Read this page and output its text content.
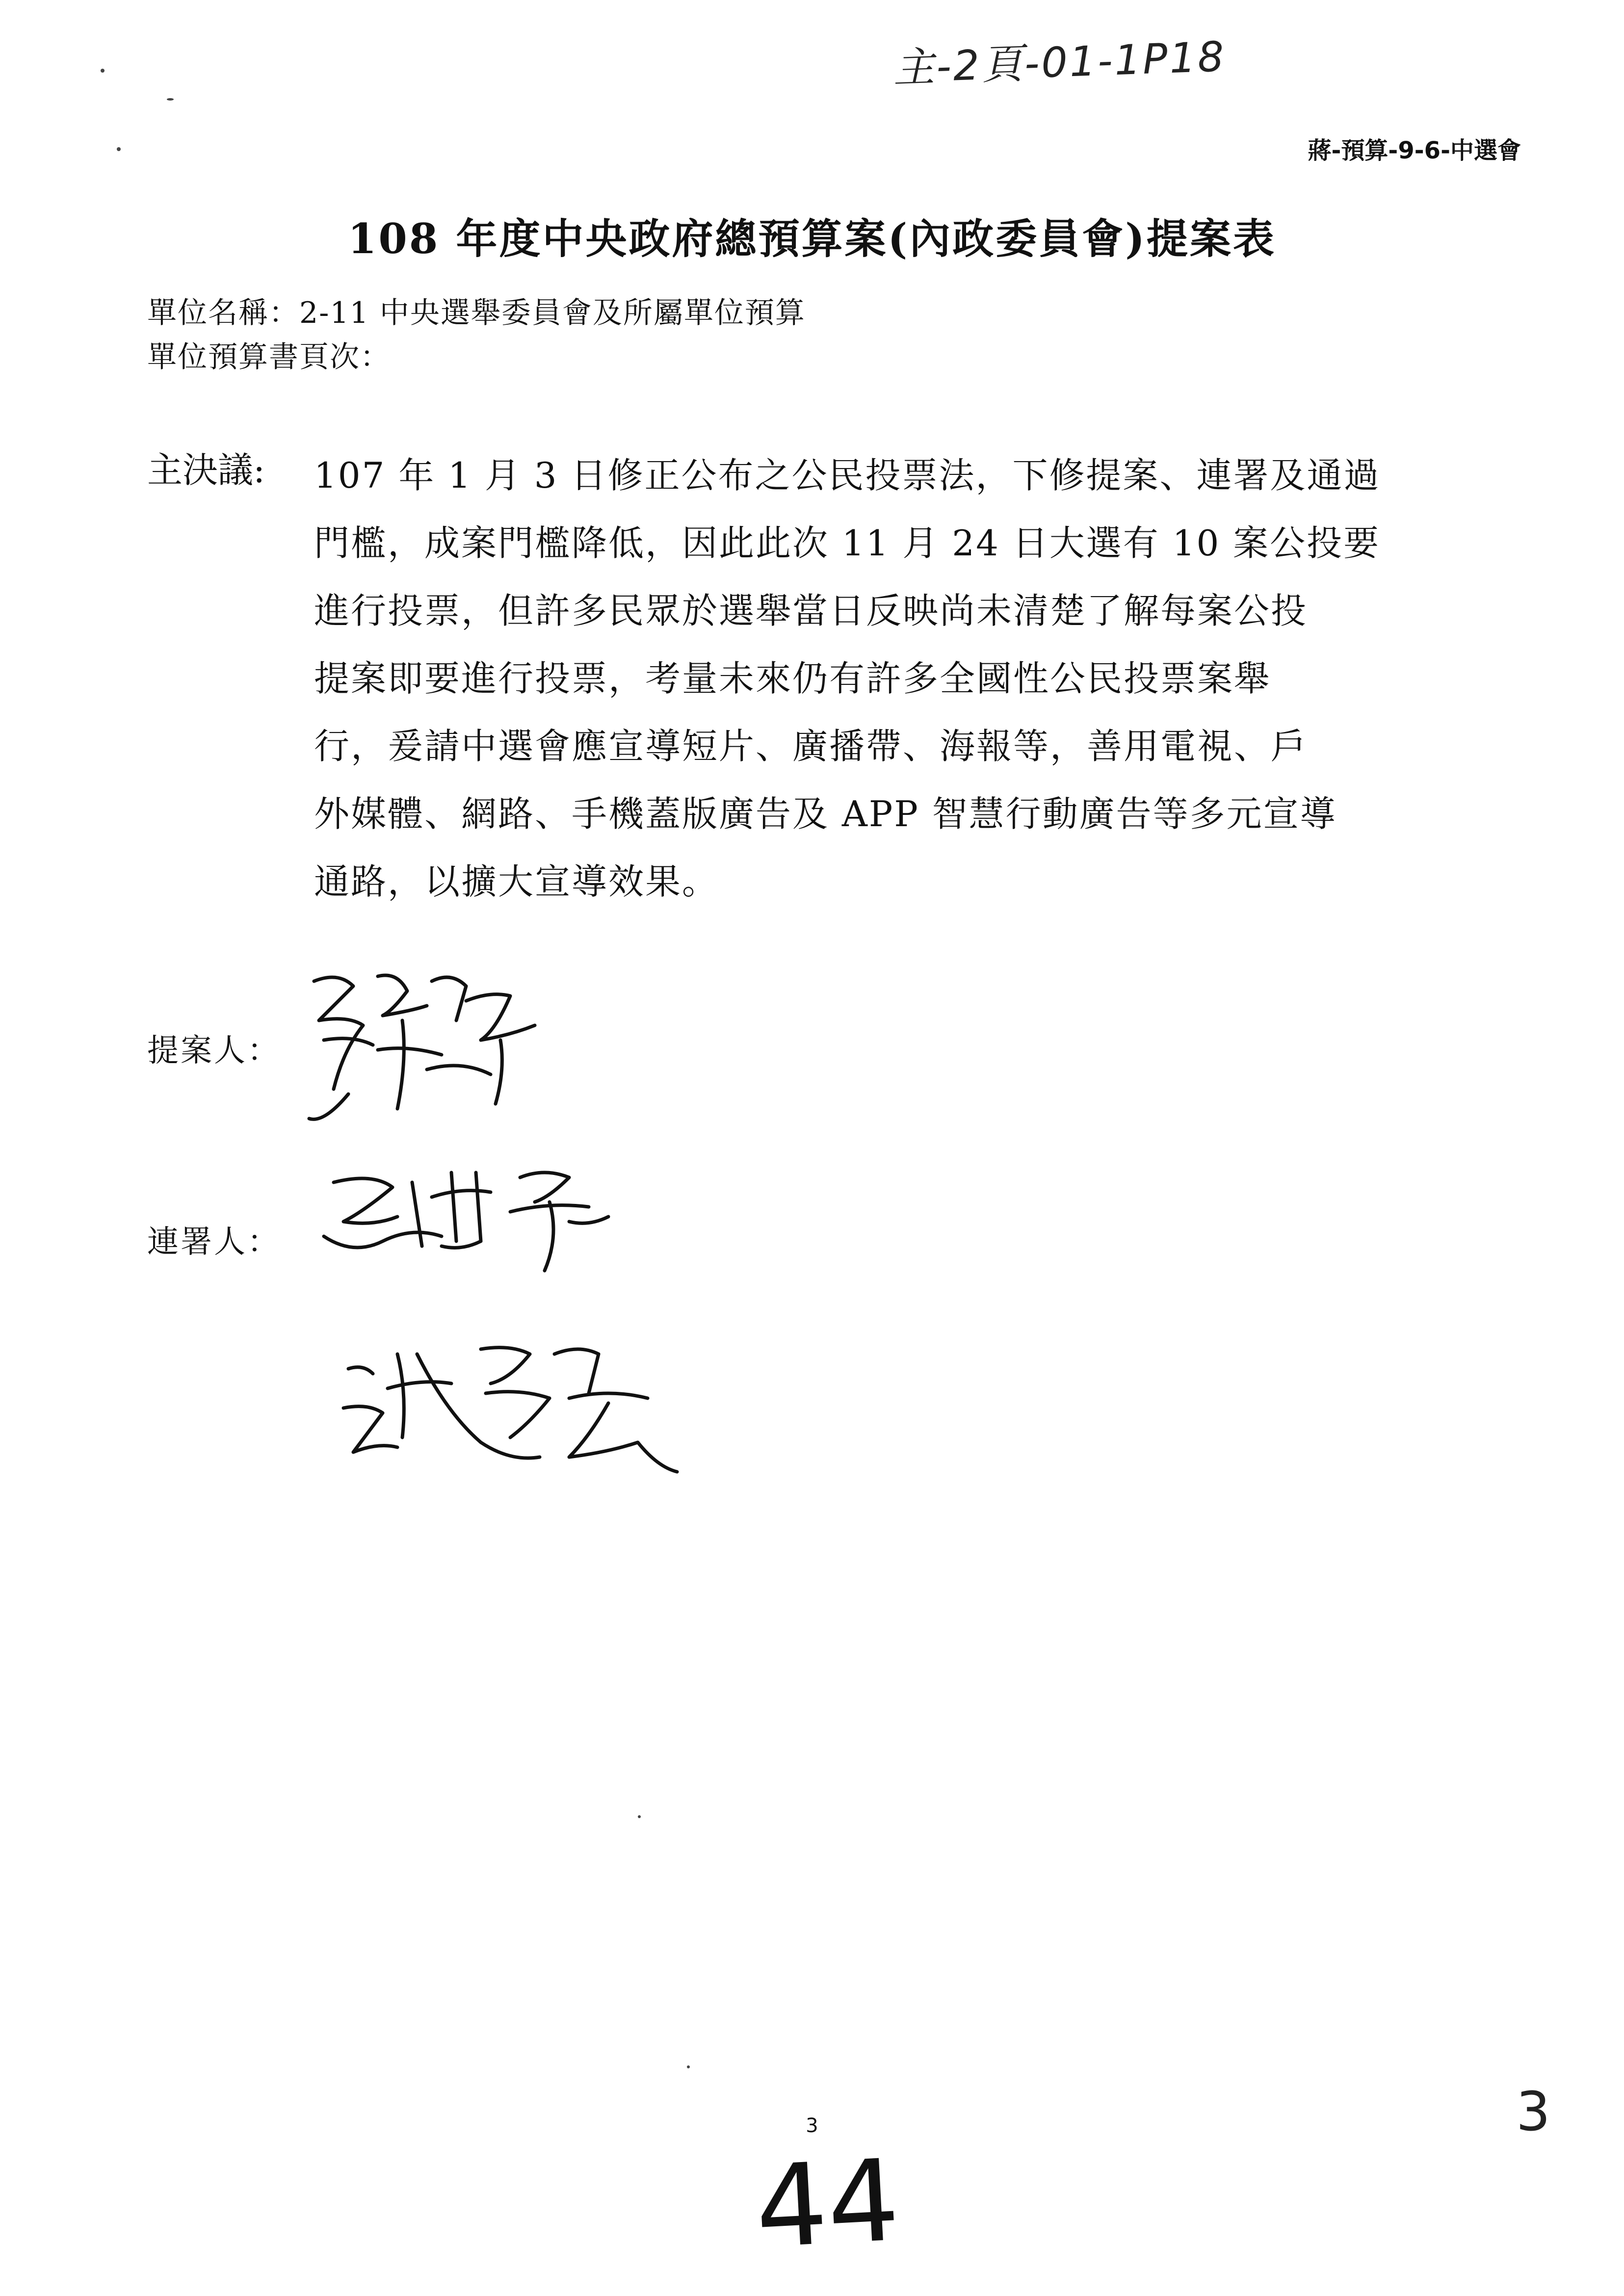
主-2頁-01-1P18
蔣-預算-9-6-中選會
108 年度中央政府總預算案(內政委員會)提案表
單位名稱：2-11 中央選舉委員會及所屬單位預算
單位預算書頁次：
主決議: 107 年 1 月 3 日修正公布之公民投票法，下修提案、連署及通過
門檻，成案門檻降低，因此此次 11 月 24 日大選有 10 案公投要
進行投票，但許多民眾於選舉當日反映尚未清楚了解每案公投
提案即要進行投票，考量未來仍有許多全國性公民投票案舉
行，爰請中選會應宣導短片、廣播帶、海報等，善用電視、戶
外媒體、網路、手機蓋版廣告及 APP 智慧行動廣告等多元宣導
通路，以擴大宣導效果。
提案人：
連署人：
3
44
3
